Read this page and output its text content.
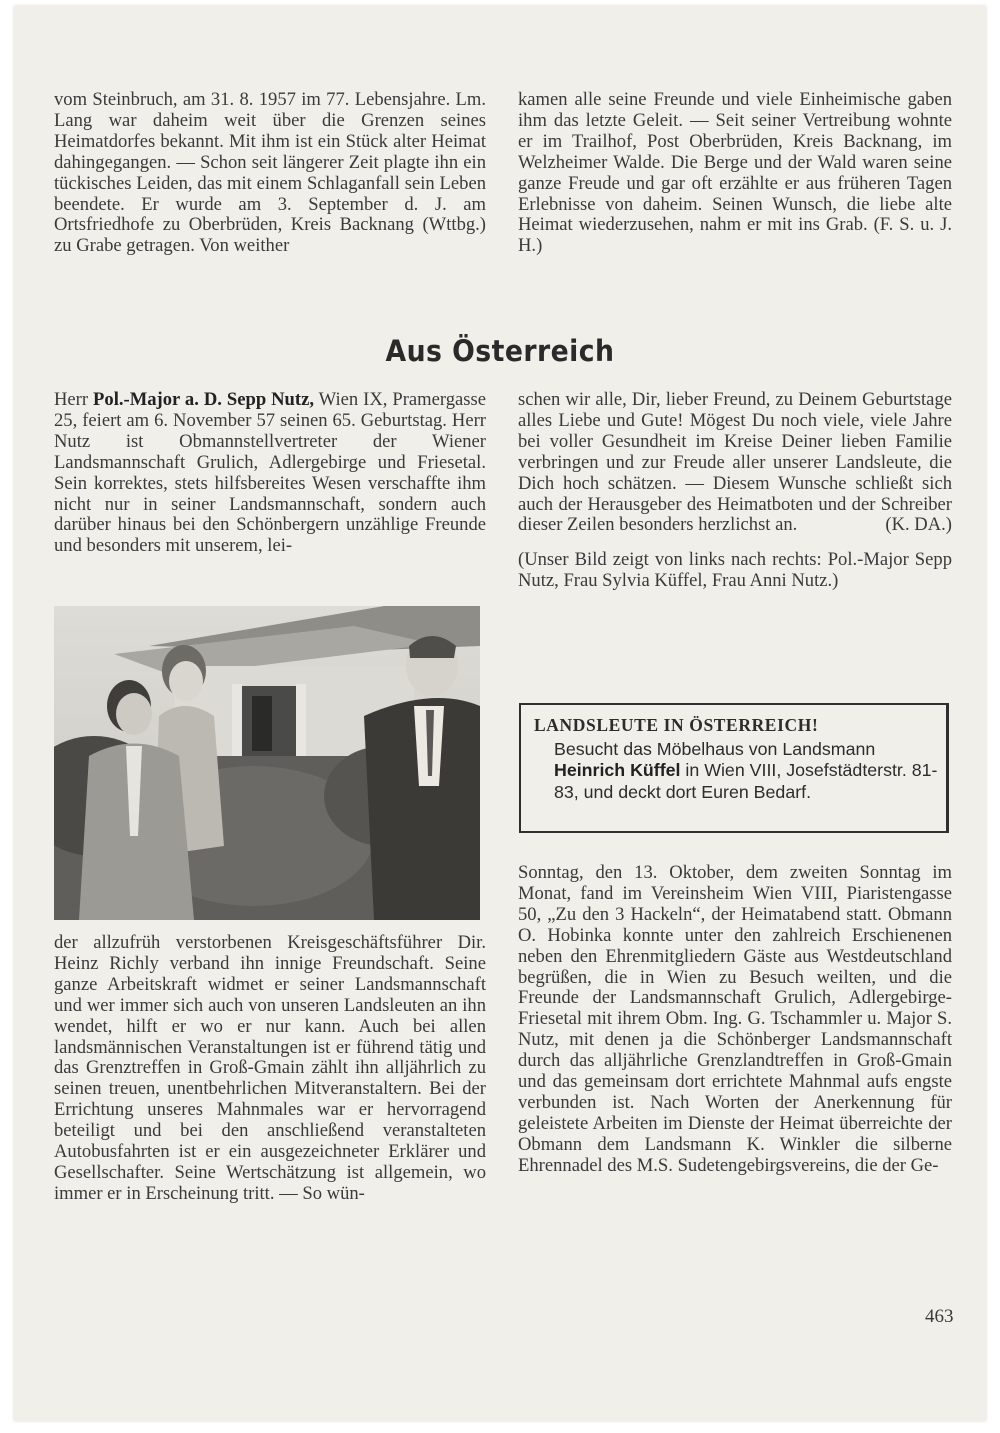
vom Steinbruch, am 31. 8. 1957 im 77. Lebensjahre. Lm. Lang war daheim weit über die Grenzen seines Heimatdorfes bekannt. Mit ihm ist ein Stück alter Heimat dahingegangen. — Schon seit längerer Zeit plagte ihn ein tückisches Leiden, das mit einem Schlaganfall sein Leben beendete. Er wurde am 3. September d. J. am Ortsfriedhofe zu Oberbrüden, Kreis Backnang (Wttbg.) zu Grabe getragen. Von weither

kamen alle seine Freunde und viele Einheimische gaben ihm das letzte Geleit. — Seit seiner Vertreibung wohnte er im Trailhof, Post Oberbrüden, Kreis Backnang, im Welzheimer Walde. Die Berge und der Wald waren seine ganze Freude und gar oft erzählte er aus früheren Tagen Erlebnisse von daheim. Seinen Wunsch, die liebe alte Heimat wiederzusehen, nahm er mit ins Grab. (F. S. u. J. H.)

Aus Österreich

Herr Pol.-Major a. D. Sepp Nutz, Wien IX, Pramergasse 25, feiert am 6. November 57 seinen 65. Geburtstag. Herr Nutz ist Obmannstellvertreter der Wiener Landsmannschaft Grulich, Adlergebirge und Friesetal. Sein korrektes, stets hilfsbereites Wesen verschaffte ihm nicht nur in seiner Landsmannschaft, sondern auch darüber hinaus bei den Schönbergern unzählige Freunde und besonders mit unserem, lei-

der allzufrüh verstorbenen Kreisgeschäftsführer Dir. Heinz Richly verband ihn innige Freundschaft. Seine ganze Arbeitskraft widmet er seiner Landsmannschaft und wer immer sich auch von unseren Landsleuten an ihn wendet, hilft er wo er nur kann. Auch bei allen landsmännischen Veranstaltungen ist er führend tätig und das Grenztreffen in Groß-Gmain zählt ihn alljährlich zu seinen treuen, unentbehrlichen Mitveranstaltern. Bei der Errichtung unseres Mahnmales war er hervorragend beteiligt und bei den anschließend veranstalteten Autobusfahrten ist er ein ausgezeichneter Erklärer und Gesellschafter. Seine Wertschätzung ist allgemein, wo immer er in Erscheinung tritt. — So wün-

schen wir alle, Dir, lieber Freund, zu Deinem Geburtstage alles Liebe und Gute! Mögest Du noch viele, viele Jahre bei voller Gesundheit im Kreise Deiner lieben Familie verbringen und zur Freude aller unserer Landsleute, die Dich hoch schätzen. — Diesem Wunsche schließt sich auch der Herausgeber des Heimatboten und der Schreiber dieser Zeilen besonders herzlichst an.	(K. DA.)

(Unser Bild zeigt von links nach rechts: Pol.-Major Sepp Nutz, Frau Sylvia Küffel, Frau Anni Nutz.)

LANDSLEUTE IN ÖSTERREICH!
Besucht das Möbelhaus von Landsmann Heinrich Küffel in Wien VIII, Josefstädterstr. 81-83, und deckt dort Euren Bedarf.

Sonntag, den 13. Oktober, dem zweiten Sonntag im Monat, fand im Vereinsheim Wien VIII, Piaristengasse 50, „Zu den 3 Hackeln“, der Heimatabend statt. Obmann O. Hobinka konnte unter den zahlreich Erschienenen neben den Ehrenmitgliedern Gäste aus Westdeutschland begrüßen, die in Wien zu Besuch weilten, und die Freunde der Landsmannschaft Grulich, Adlergebirge-Friesetal mit ihrem Obm. Ing. G. Tschammler u. Major S. Nutz, mit denen ja die Schönberger Landsmannschaft durch das alljährliche Grenzlandtreffen in Groß-Gmain und das gemeinsam dort errichtete Mahnmal aufs engste verbunden ist. Nach Worten der Anerkennung für geleistete Arbeiten im Dienste der Heimat überreichte der Obmann dem Landsmann K. Winkler die silberne Ehrennadel des M.S. Sudetengebirgsvereins, die der Ge-

463
